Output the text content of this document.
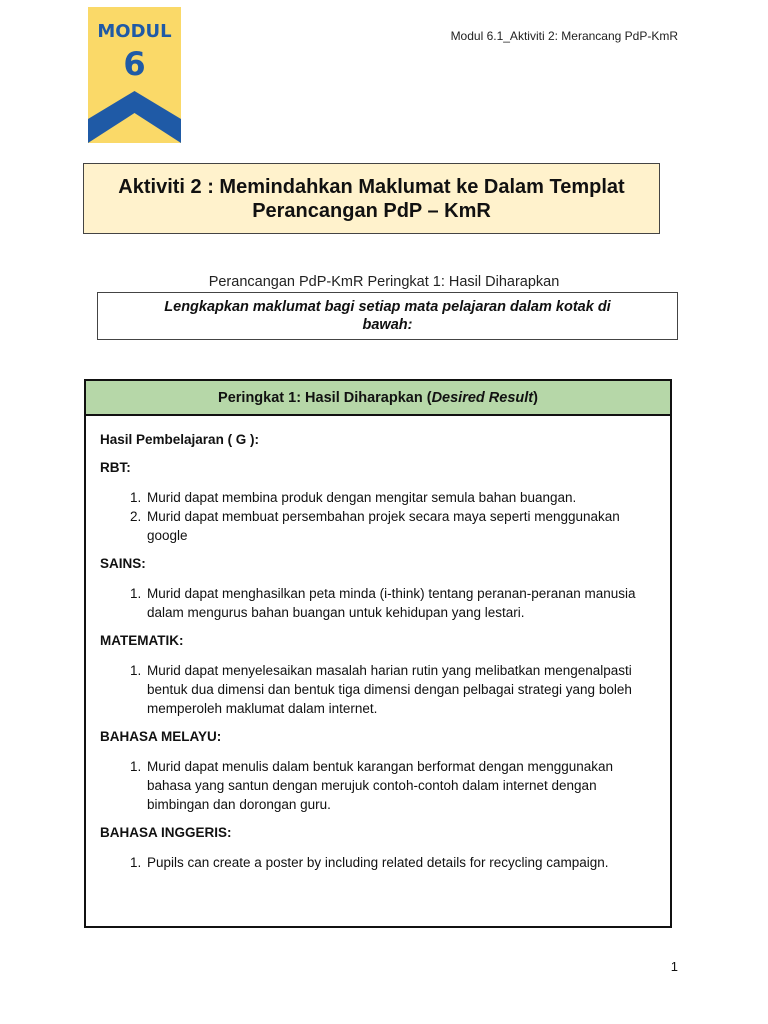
MODUL
6
Modul 6.1_Aktiviti 2: Merancang PdP-KmR
Aktiviti 2 : Memindahkan Maklumat ke Dalam Templat
Perancangan PdP – KmR
Perancangan PdP-KmR Peringkat 1: Hasil Diharapkan

Lengkapkan maklumat bagi setiap mata pelajaran dalam kotak di bawah:

Peringkat 1: Hasil Diharapkan ( Desired Result )

Hasil Pembelajaran ( G ):

RBT:

1. Murid dapat membina produk dengan mengitar semula bahan buangan.
2. Murid dapat membuat persembahan projek secara maya seperti menggunakan google

SAINS:

1. Murid dapat menghasilkan peta minda (i-think) tentang peranan-peranan manusia dalam mengurus bahan buangan untuk kehidupan yang lestari.

MATEMATIK:

1. Murid dapat menyelesaikan masalah harian rutin yang melibatkan mengenalpasti bentuk dua dimensi dan bentuk tiga dimensi dengan pelbagai strategi yang boleh memperoleh maklumat dalam internet.

BAHASA MELAYU:

1. Murid dapat menulis dalam bentuk karangan berformat dengan menggunakan bahasa yang santun dengan merujuk contoh-contoh dalam internet dengan bimbingan dan dorongan guru.

BAHASA INGGERIS:

1. Pupils can create a poster by including related details for recycling campaign.
1
